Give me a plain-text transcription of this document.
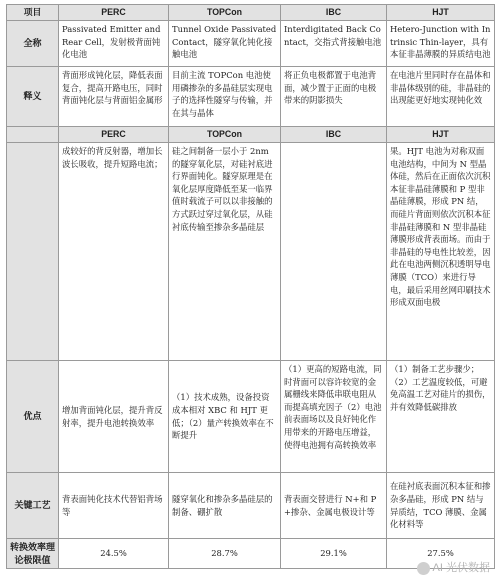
项目	PERC	TOPCon	IBC	HJT
全称	Passivated Emitter and Rear Cell，发射极背面钝化电池	Tunnel Oxide Passivated Contact，隧穿氧化钝化接触电池	Interdigitated Back Contact，交指式背接触电池	Hetero-Junction with Intrinsic Thin-layer，具有本征非晶薄膜的异质结电池
释义	背面形成钝化层，降低表面复合，提高开路电压，同时背面钝化层与背面铝金属形	目前主流 TOPCon 电池使用磷掺杂的多晶硅层实现电子的选择性隧穿与传输，并在其与晶体	将正负电极都置于电池背面，减少置于正面的电极带来的阴影损失	在电池片里同时存在晶体和非晶体级别的硅，非晶硅的出现能更好地实现钝化效

	PERC	TOPCon	IBC	HJT
	成较好的背反射器，增加长波长吸收，提升短路电流；	硅之间制备一层小于 2nm 的隧穿氧化层，对硅衬底进行界面钝化。隧穿原理是在氧化层厚度降低至某一临界值时载流子可以以非接触的方式跃过穿过氧化层，从硅衬底传输至掺杂多晶硅层		果。HJT 电池为对称双面电池结构，中间为 N 型晶体硅，然后在正面依次沉积本征非晶硅薄膜和 P 型非晶硅薄膜，形成 PN 结，而硅片背面则依次沉积本征非晶硅薄膜和 N 型非晶硅薄膜形成背表面场。而由于非晶硅的导电性比较差，因此在电池两侧沉积透明导电薄膜（TCO）来进行导电，最后采用丝网印刷技术形成双面电极
优点	增加背面钝化层，提升背反射率，提升电池转换效率	（1）技术成熟，设备投资成本相对 XBC 和 HJT 更低；（2）量产转换效率在不断提升	（1）更高的短路电流，同时背面可以容许较宽的金属栅线来降低串联电阻从而提高填充因子（2）电池前表面场以及良好钝化作用带来的开路电压增益，使得电池拥有高转换效率	（1）制备工艺步骤少；（2）工艺温度较低，可避免高温工艺对硅片的损伤，并有效降低碳排放
关键工艺	背表面钝化技术代替铝背场等	隧穿氧化和掺杂多晶硅层的制备、硼扩散	背表面交替进行 N+和 P+掺杂、金属电极设计等	在硅衬底表面沉积本征和掺杂多晶硅，形成 PN 结与异质结，TCO 薄膜、金属化材料等
转换效率理论极限值	24.5%	28.7%	29.1%	27.5%
AI 光伏数据
